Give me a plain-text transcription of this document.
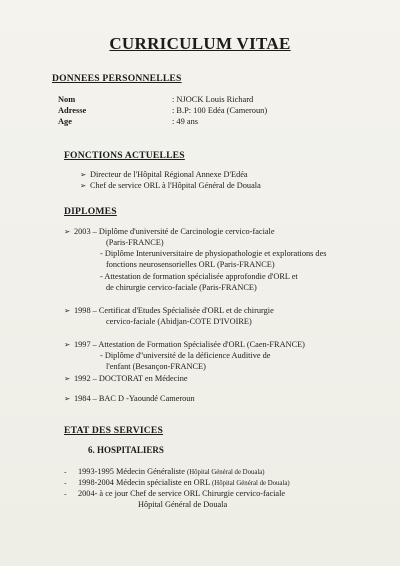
CURRICULUM VITAE
DONNEES PERSONNELLES
Nom	: NJOCK Louis Richard
Adresse	: B.P: 100 Edéa (Cameroun)
Age	: 49 ans
FONCTIONS ACTUELLES
➢ Directeur de l'Hôpital Régional Annexe D'Edéa
➢ Chef de service ORL à l'Hôpital Général de Douala
DIPLOMES
➢ 2003 – Diplôme d'université de Carcinologie cervico-faciale
(Paris-FRANCE)
- Diplôme Interuniversitaire de physiopathologie et explorations des
fonctions neurosensorielles ORL (Paris-FRANCE)
- Attestation de formation spécialisée approfondie d'ORL et
de chirurgie cervico-faciale (Paris-FRANCE)
➢ 1998 – Certificat d'Etudes Spécialisée d'ORL et de chirurgie
cervico-faciale (Abidjan-COTE D'IVOIRE)
➢ 1997 – Attestation de Formation Spécialisée d'ORL (Caen-FRANCE)
- Diplôme d''université de la déficience Auditive de
l'enfant (Besançon-FRANCE)
➢ 1992 – DOCTORAT en Médecine
➢ 1984 – BAC D -Yaoundé Cameroun
ETAT DES SERVICES
6. HOSPITALIERS
- 1993-1995 Médecin Généraliste (Hôpital Général de Douala)
- 1998-2004 Médecin spécialiste en ORL (Hôpital Général de Douala)
- 2004- à ce jour Chef de service ORL Chirurgie cervico-faciale
Hôpital Général de Douala
